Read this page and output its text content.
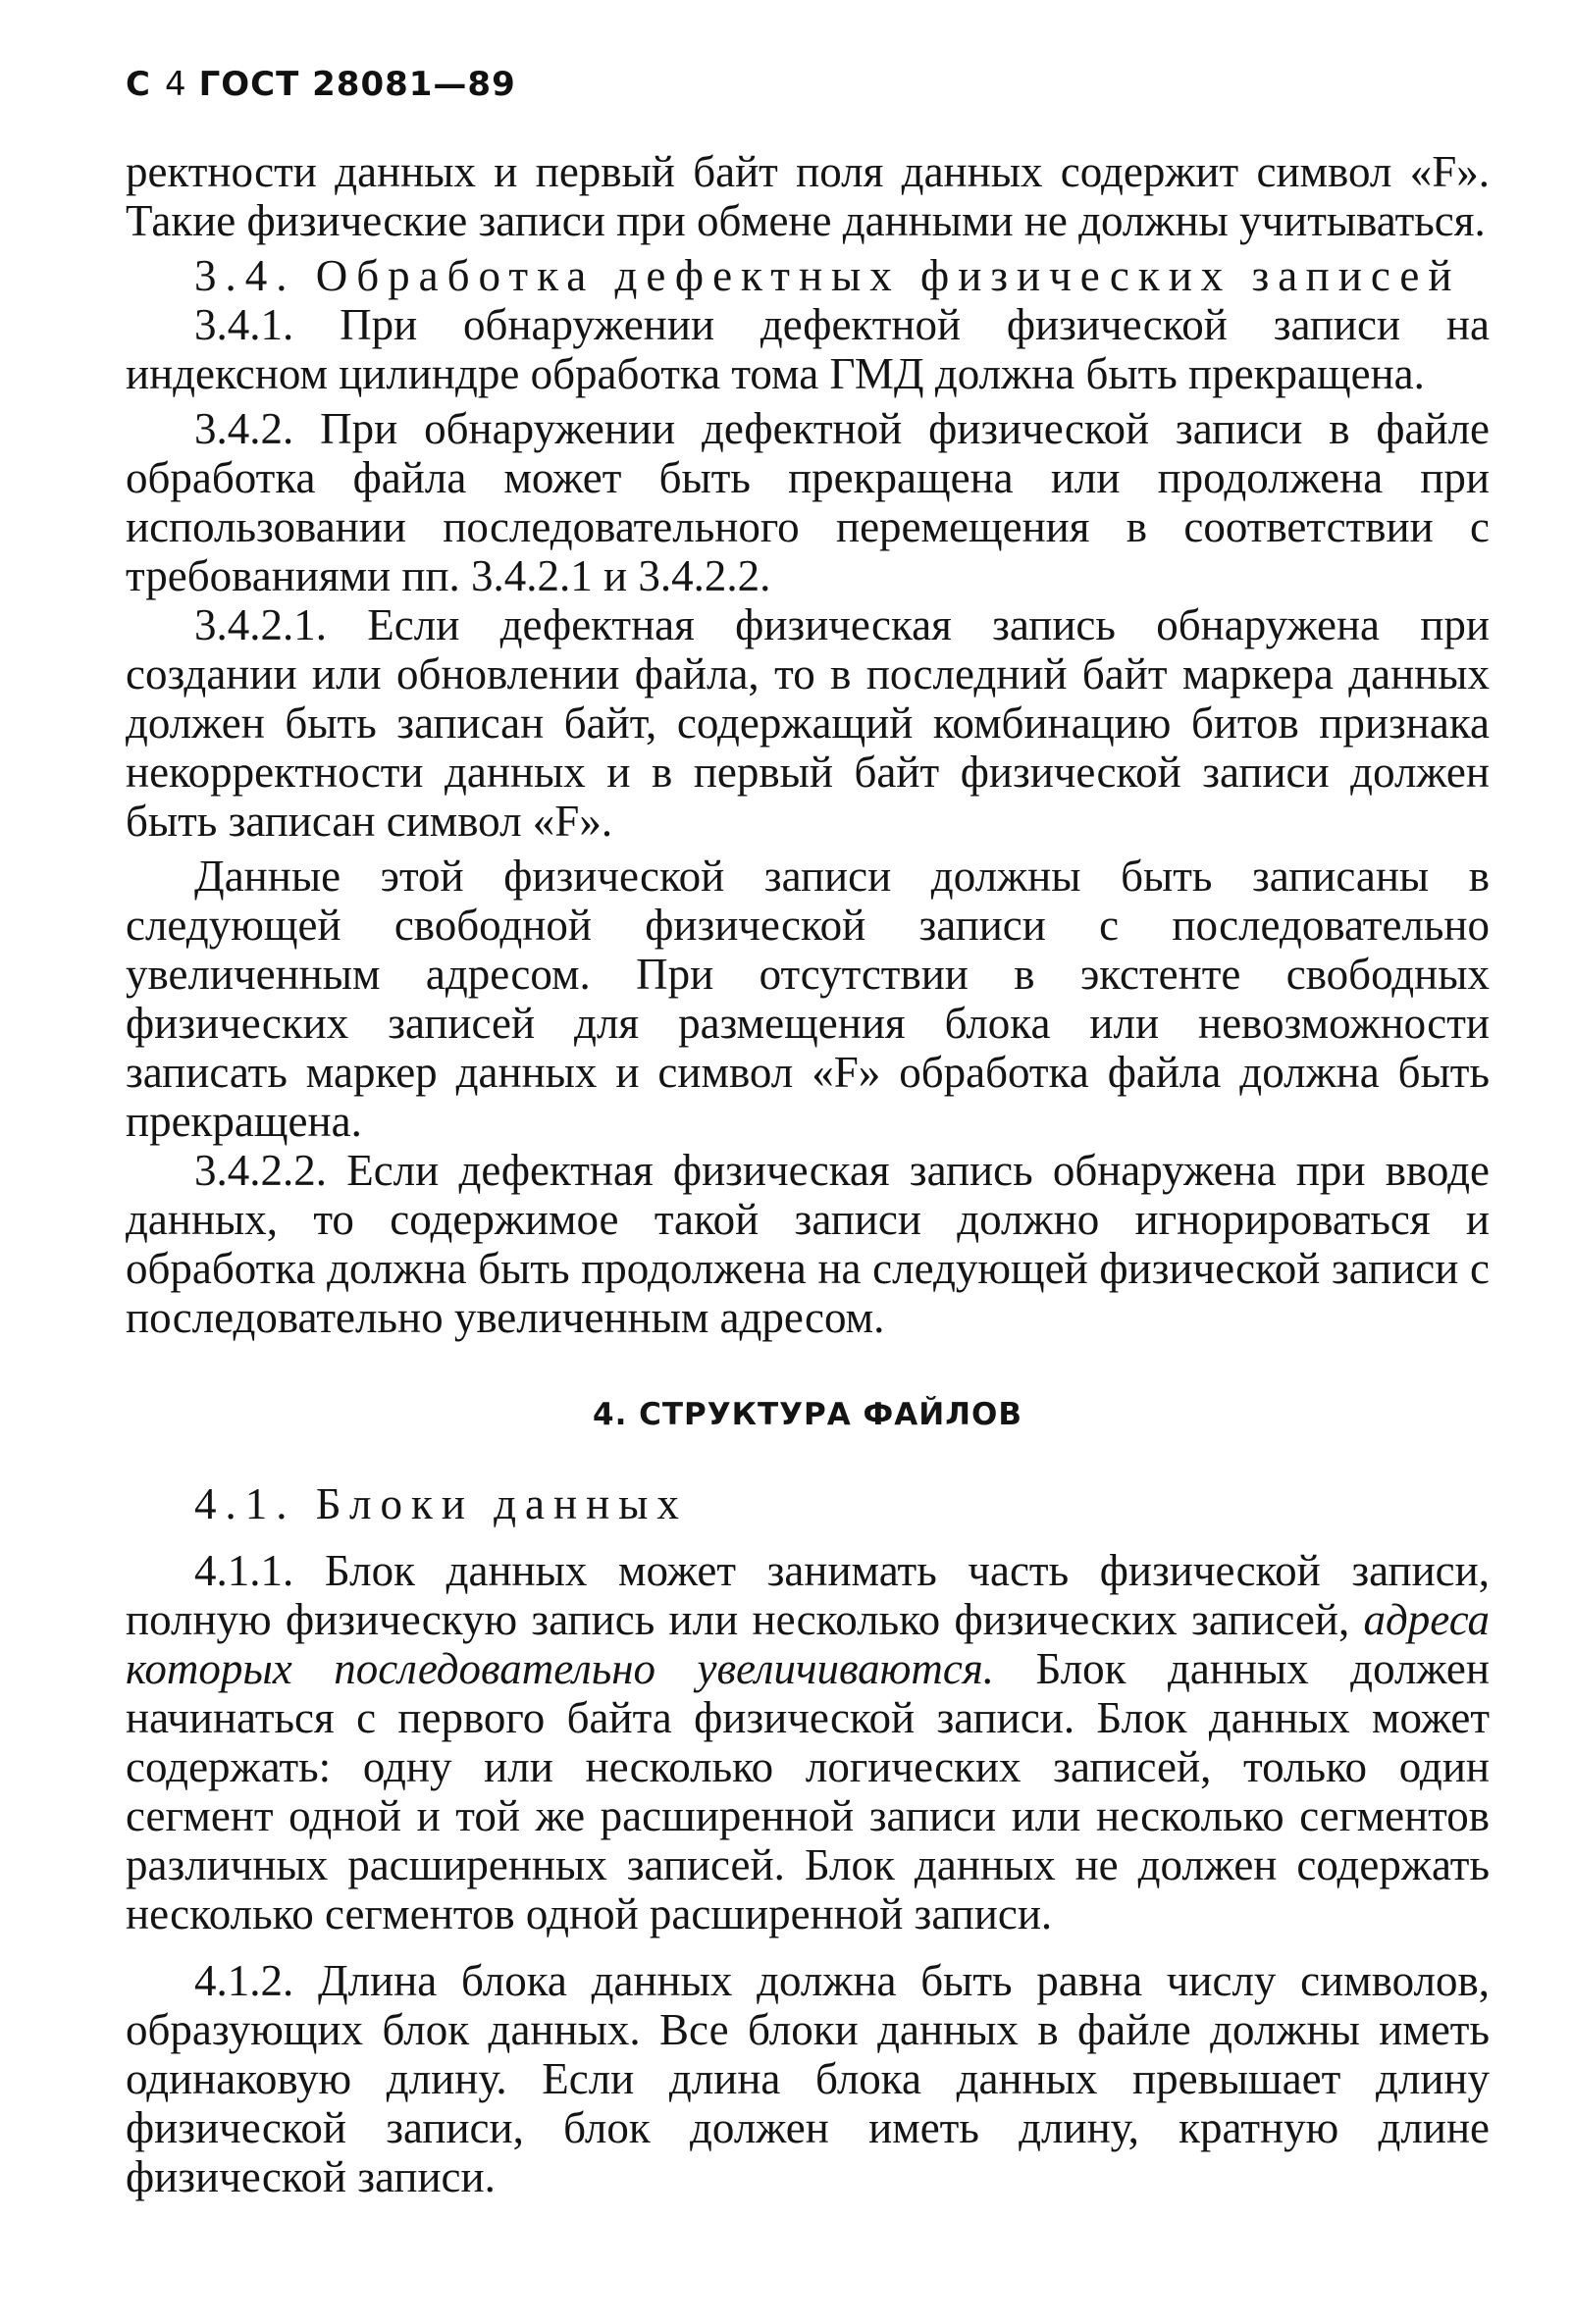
С 4 ГОСТ 28081—89

ректности данных и первый байт поля данных содержит символ «F». Такие физические записи при обмене данными не должны учитываться.

3.4. Обработка дефектных физических записей

3.4.1. При обнаружении дефектной физической записи на индексном цилиндре обработка тома ГМД должна быть прекращена.

3.4.2. При обнаружении дефектной физической записи в файле обработка файла может быть прекращена или продолжена при использовании последовательного перемещения в соответствии с требованиями пп. 3.4.2.1 и 3.4.2.2.

3.4.2.1. Если дефектная физическая запись обнаружена при создании или обновлении файла, то в последний байт маркера данных должен быть записан байт, содержащий комбинацию битов признака некорректности данных и в первый байт физической записи должен быть записан символ «F».

Данные этой физической записи должны быть записаны в следующей свободной физической записи с последовательно увеличенным адресом. При отсутствии в экстенте свободных физических записей для размещения блока или невозможности записать маркер данных и символ «F» обработка файла должна быть прекращена.

3.4.2.2. Если дефектная физическая запись обнаружена при вводе данных, то содержимое такой записи должно игнорироваться и обработка должна быть продолжена на следующей физической записи с последовательно увеличенным адресом.

4. СТРУКТУРА ФАЙЛОВ

4.1. Блоки данных

4.1.1. Блок данных может занимать часть физической записи, полную физическую запись или несколько физических записей, адреса которых последовательно увеличиваются. Блок данных должен начинаться с первого байта физической записи. Блок данных может содержать: одну или несколько логических записей, только один сегмент одной и той же расширенной записи или несколько сегментов различных расширенных записей. Блок данных не должен содержать несколько сегментов одной расширенной записи.

4.1.2. Длина блока данных должна быть равна числу символов, образующих блок данных. Все блоки данных в файле должны иметь одинаковую длину. Если длина блока данных превышает длину физической записи, блок должен иметь длину, кратную длине физической записи.
